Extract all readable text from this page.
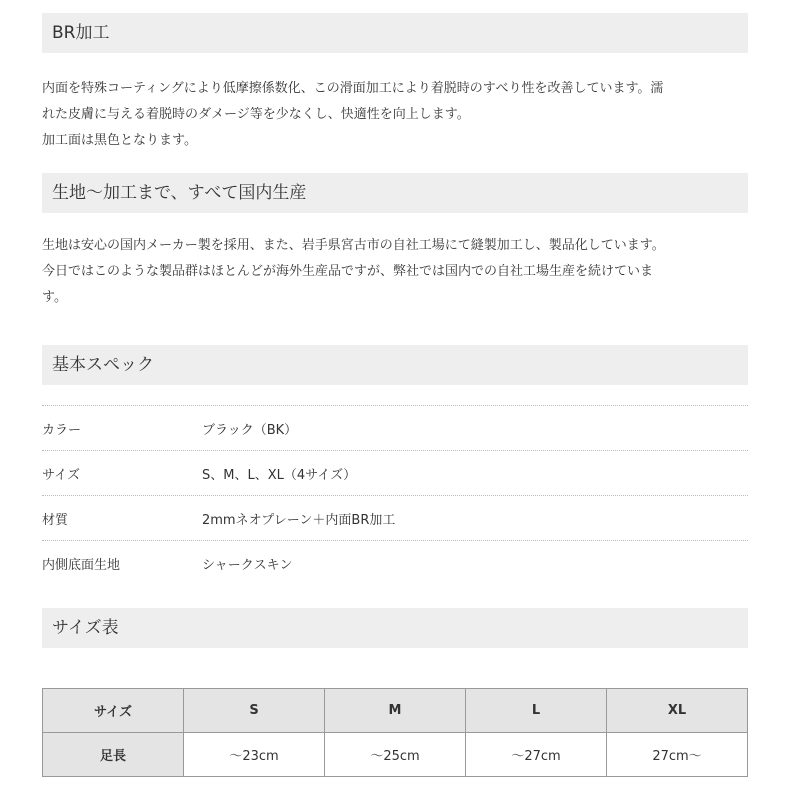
BR加工
内面を特殊コーティングにより低摩擦係数化、この滑面加工により着脱時のすべり性を改善しています。濡
れた皮膚に与える着脱時のダメージ等を少なくし、快適性を向上します。
加工面は黒色となります。
生地～加工まで、すべて国内生産
生地は安心の国内メーカー製を採用、また、岩手県宮古市の自社工場にて縫製加工し、製品化しています。
今日ではこのような製品群はほとんどが海外生産品ですが、弊社では国内での自社工場生産を続けていま
す。
基本スペック
カラー	ブラック（BK）
サイズ	S、M、L、XL（4サイズ）
材質	2mmネオプレーン＋内面BR加工
内側底面生地	シャークスキン
サイズ表
サイズ	S	M	L	XL
足長	～23cm	～25cm	～27cm	27cm～
